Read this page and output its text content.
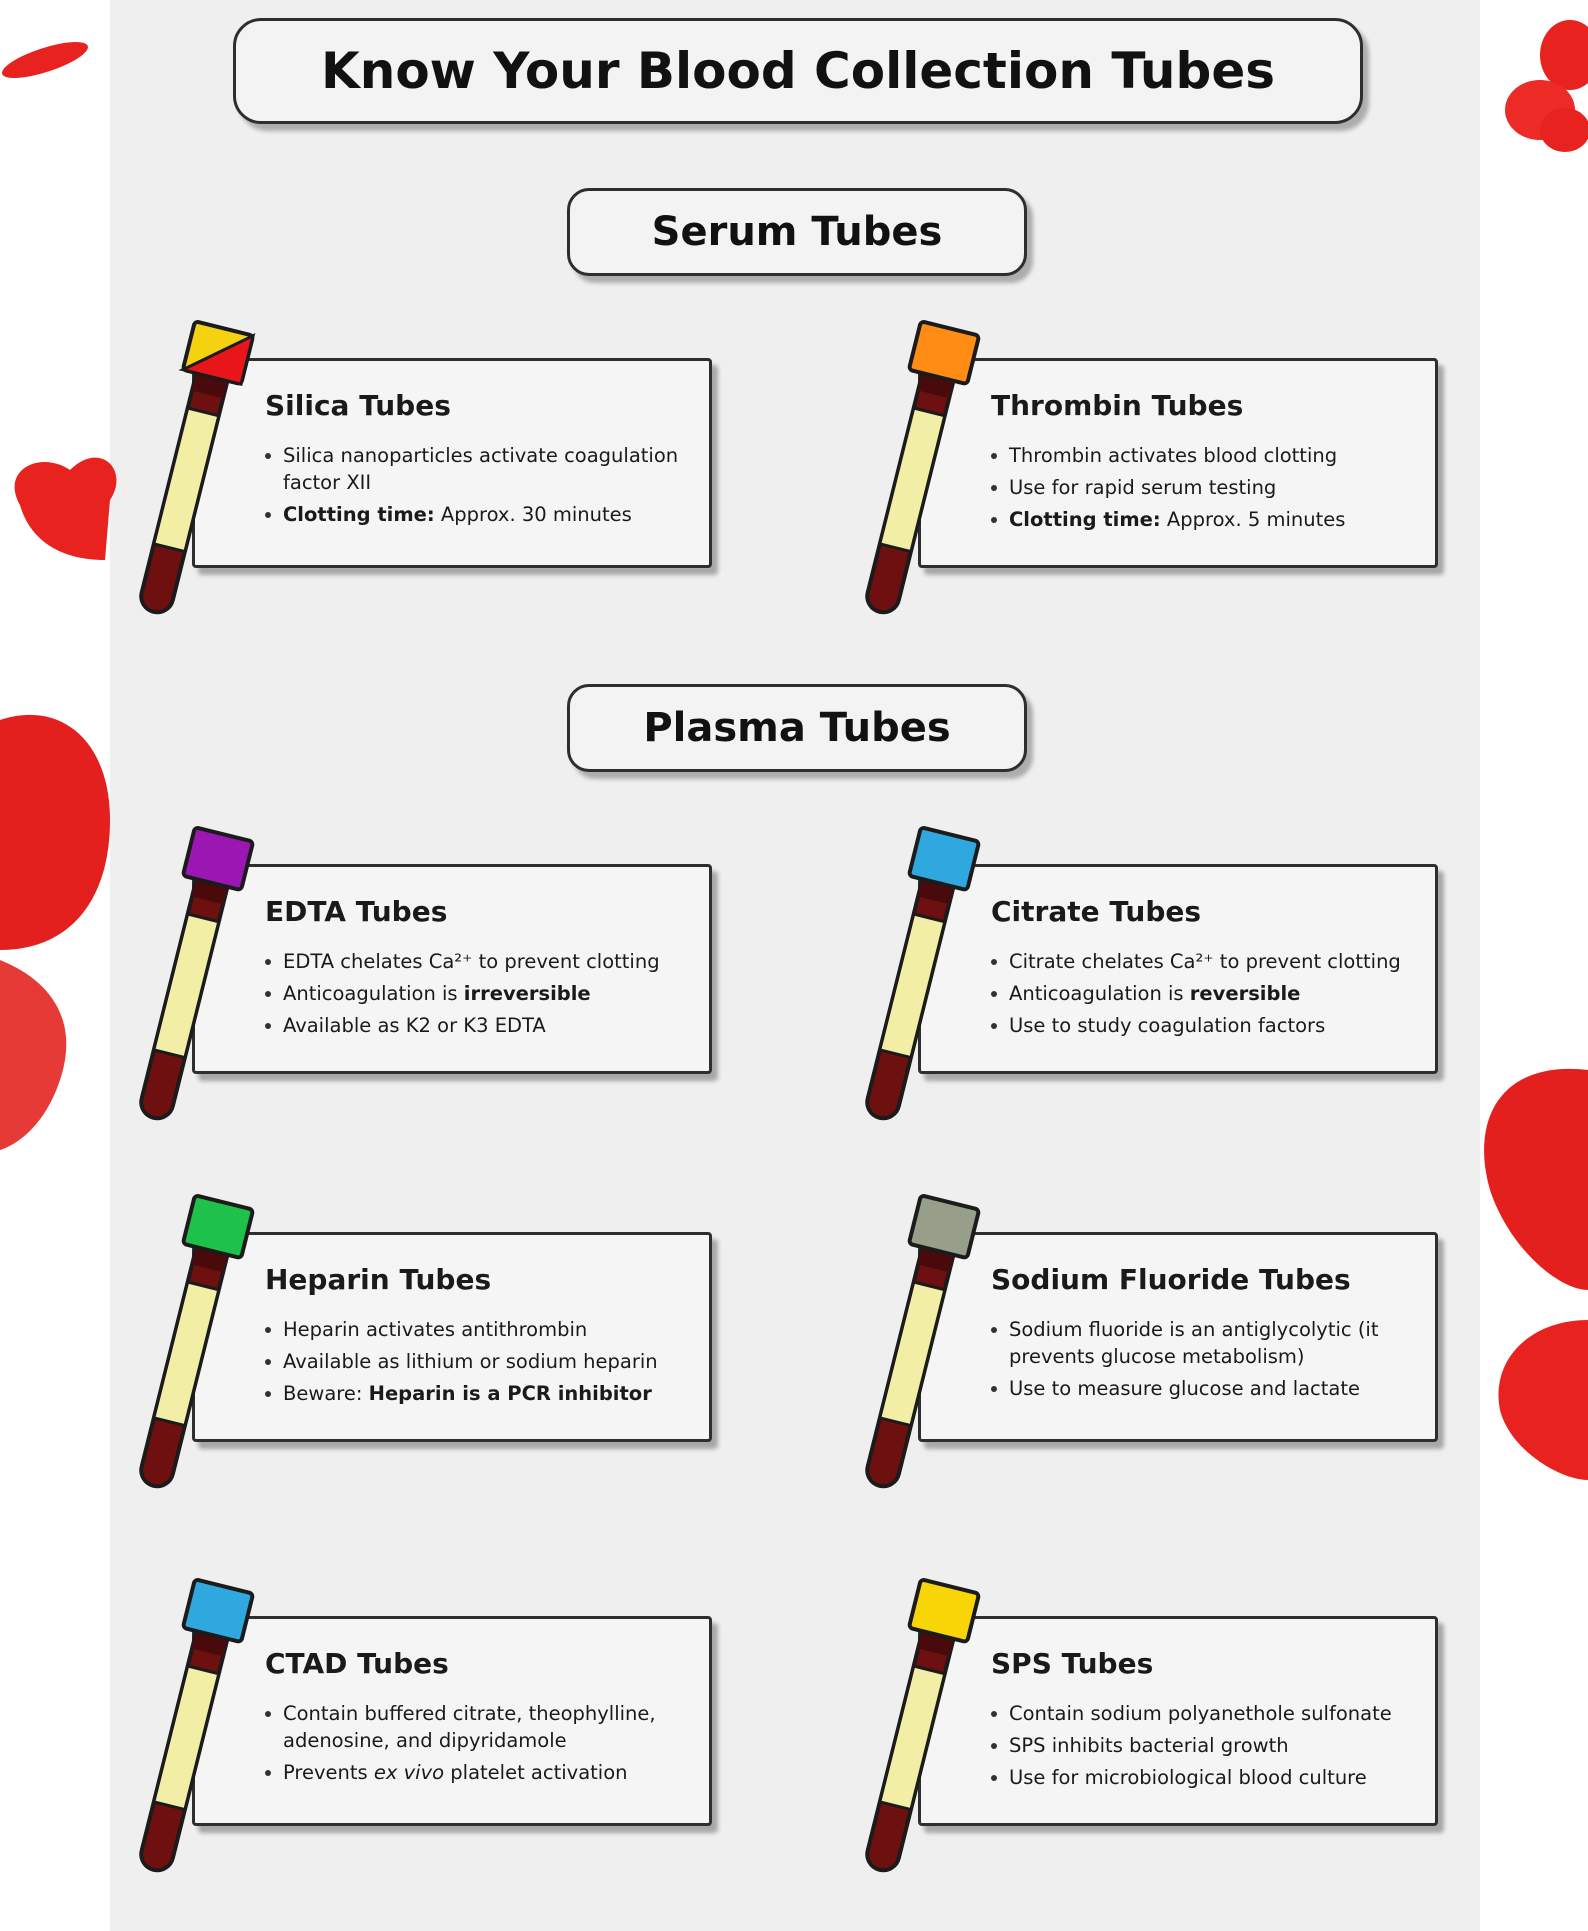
Know Your Blood Collection Tubes
Serum Tubes
Plasma Tubes
Silica Tubes
Silica nanoparticles activate coagulation factor XII
Clotting time: Approx. 30 minutes
Thrombin Tubes
Thrombin activates blood clotting
Use for rapid serum testing
Clotting time: Approx. 5 minutes
EDTA Tubes
EDTA chelates Ca²⁺ to prevent clotting
Anticoagulation is irreversible
Available as K2 or K3 EDTA
Citrate Tubes
Citrate chelates Ca²⁺ to prevent clotting
Anticoagulation is reversible
Use to study coagulation factors
Heparin Tubes
Heparin activates antithrombin
Available as lithium or sodium heparin
Beware: Heparin is a PCR inhibitor
Sodium Fluoride Tubes
Sodium fluoride is an antiglycolytic (it prevents glucose metabolism)
Use to measure glucose and lactate
CTAD Tubes
Contain buffered citrate, theophylline, adenosine, and dipyridamole
Prevents ex vivo platelet activation
SPS Tubes
Contain sodium polyanethole sulfonate
SPS inhibits bacterial growth
Use for microbiological blood culture
